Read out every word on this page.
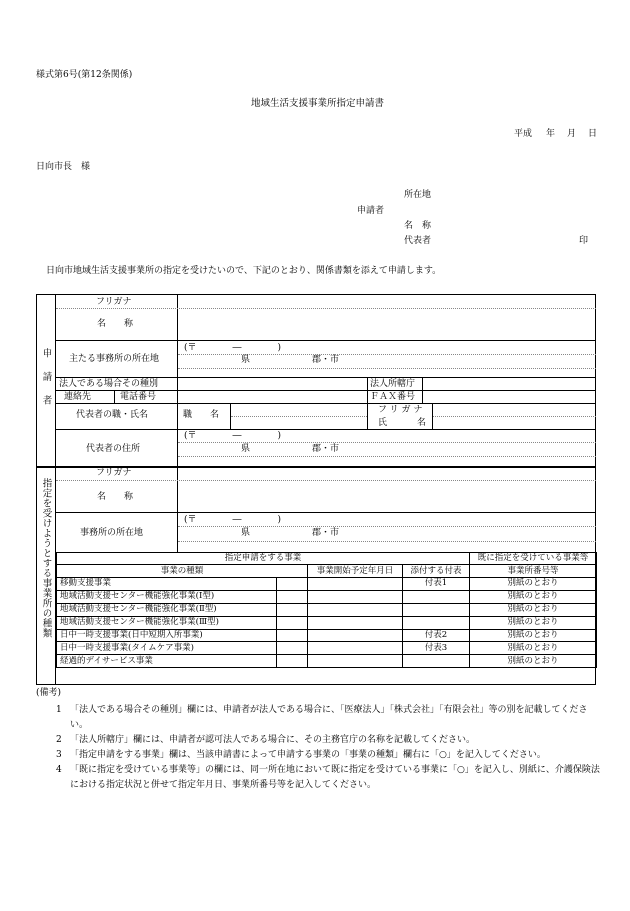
様式第6号(第12条関係)
地域生活支援事業所指定申請書
平成 年 月 日
日向市長　様
所在地
申請者
名　称
代表者	印
日向市地域生活支援事業所の指定を受けたいので、下記のとおり、関係書類を添えて申請します。
申請者
指定を受けようとする事業所の種類
フリガナ
名　　称
主たる事務所の所在地
(〒　　　　―　　　　)
県	郡・市
法人である場合その種別	法人所轄庁
連絡先	電話番号	ＦＡＸ番号
代表者の職・氏名	職　　名	フリガナ
氏　　名
代表者の住所
(〒　　　　―　　　　)
県	郡・市
フリガナ
名　　称
事務所の所在地
(〒　　　　―　　　　)
県	郡・市
指定申請をする事業				既に指定を受けている事業等
事業の種類		事業開始予定年月日	添付する付表	事業所番号等
移動支援事業			付表1	別紙のとおり
地域活動支援センター機能強化事業(Ⅰ型)				別紙のとおり
地域活動支援センター機能強化事業(Ⅱ型)				別紙のとおり
地域活動支援センター機能強化事業(Ⅲ型)				別紙のとおり
日中一時支援事業(日中短期入所事業)			付表2	別紙のとおり
日中一時支援事業(タイムケア事業)			付表3	別紙のとおり
経過的デイサービス事業				別紙のとおり
(備考)
1 「法人である場合その種別」欄には、申請者が法人である場合に、「医療法人」「株式会社」「有限会社」等の別を記載してください。
2 「法人所轄庁」欄には、申請者が認可法人である場合に、その主務官庁の名称を記載してください。
3 「指定申請をする事業」欄は、当該申請書によって申請する事業の「事業の種類」欄右に「○」を記入してください。
4 「既に指定を受けている事業等」の欄には、同一所在地において既に指定を受けている事業に「○」を記入し、別紙に、介護保険法における指定状況と併せて指定年月日、事業所番号等を記入してください。
